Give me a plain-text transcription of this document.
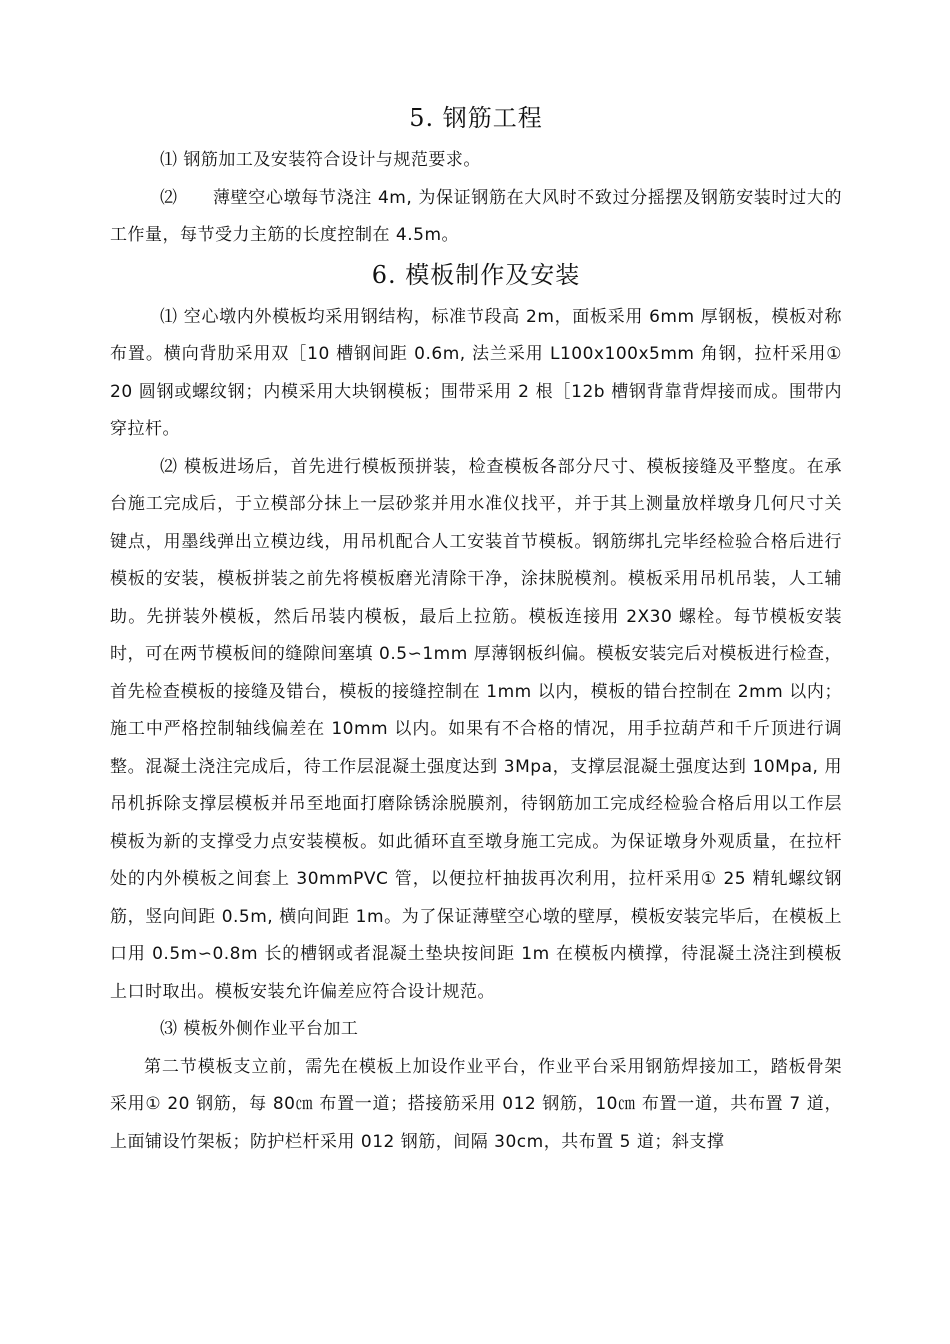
5. 钢筋工程

⑴ 钢筋加工及安装符合设计与规范要求。

⑵　　薄壁空心墩每节浇注 4m, 为保证钢筋在大风时不致过分摇摆及钢筋安装时过大的工作量，每节受力主筋的长度控制在 4.5m。

6. 模板制作及安装

⑴ 空心墩内外模板均采用钢结构，标准节段高 2m，面板采用 6mm 厚钢板，模板对称布置。横向背肋采用双［10 槽钢间距 0.6m, 法兰采用 L100x100x5mm 角钢，拉杆采用① 20 圆钢或螺纹钢；内模采用大块钢模板；围带采用 2 根［12b 槽钢背靠背焊接而成。围带内穿拉杆。

⑵ 模板进场后，首先进行模板预拼装，检查模板各部分尺寸、模板接缝及平整度。在承台施工完成后，于立模部分抹上一层砂浆并用水准仪找平，并于其上测量放样墩身几何尺寸关键点，用墨线弹出立模边线，用吊机配合人工安装首节模板。钢筋绑扎完毕经检验合格后进行模板的安装，模板拼装之前先将模板磨光清除干净，涂抹脱模剂。模板采用吊机吊装，人工辅助。先拼装外模板，然后吊装内模板，最后上拉筋。模板连接用 2X30 螺栓。每节模板安装时，可在两节模板间的缝隙间塞填 0.5∽1mm 厚薄钢板纠偏。模板安装完后对模板进行检查，首先检查模板的接缝及错台，模板的接缝控制在 1mm 以内，模板的错台控制在 2mm 以内；施工中严格控制轴线偏差在 10mm 以内。如果有不合格的情况，用手拉葫芦和千斤顶进行调整。混凝土浇注完成后，待工作层混凝土强度达到 3Mpa，支撑层混凝土强度达到 10Mpa, 用吊机拆除支撑层模板并吊至地面打磨除锈涂脱膜剂，待钢筋加工完成经检验合格后用以工作层模板为新的支撑受力点安装模板。如此循环直至墩身施工完成。为保证墩身外观质量，在拉杆处的内外模板之间套上 30mmPVC 管，以便拉杆抽拔再次利用，拉杆采用① 25 精轧螺纹钢筋，竖向间距 0.5m, 横向间距 1m。为了保证薄壁空心墩的壁厚，模板安装完毕后，在模板上口用 0.5m∽0.8m 长的槽钢或者混凝土垫块按间距 1m 在模板内横撑，待混凝土浇注到模板上口时取出。模板安装允许偏差应符合设计规范。

⑶ 模板外侧作业平台加工

第二节模板支立前，需先在模板上加设作业平台，作业平台采用钢筋焊接加工，踏板骨架采用① 20 钢筋，每 80㎝ 布置一道；搭接筋采用 012 钢筋，10㎝ 布置一道，共布置 7 道，上面铺设竹架板；防护栏杆采用 012 钢筋，间隔 30cm，共布置 5 道；斜支撑
